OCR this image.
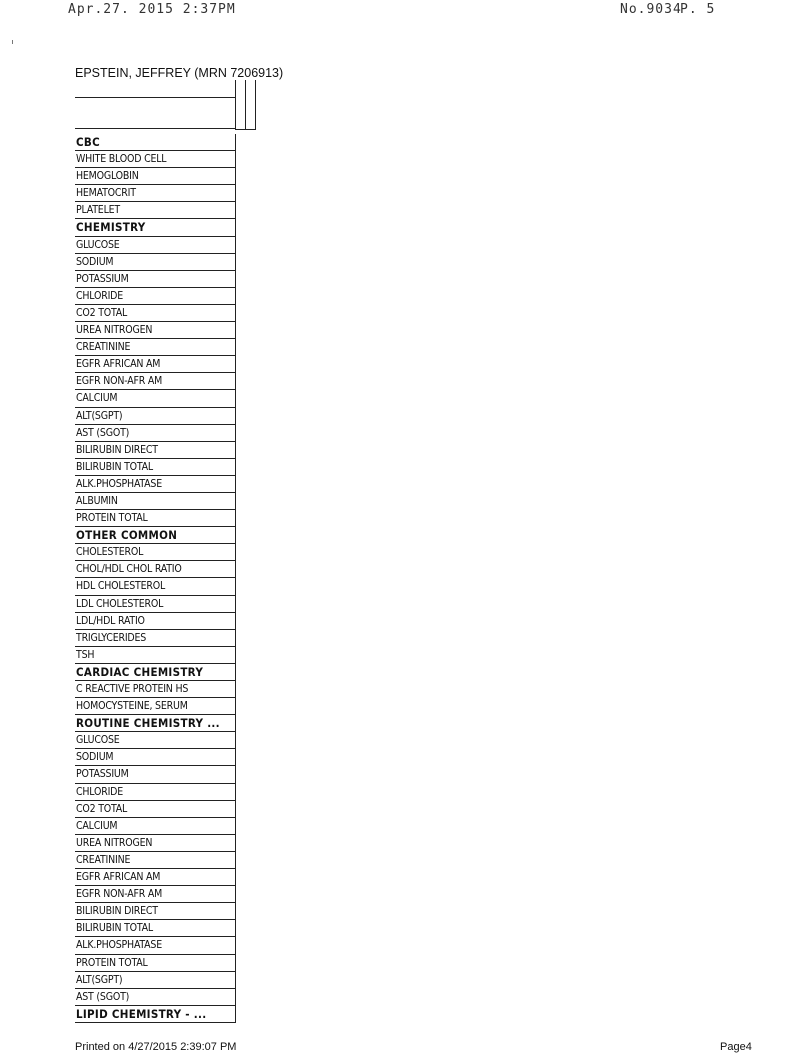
Apr.27. 2015 2:37PM	No.9034
P. 5
EPSTEIN, JEFFREY (MRN 7206913)
CBC
WHITE BLOOD CELL
HEMOGLOBIN
HEMATOCRIT
PLATELET
CHEMISTRY
GLUCOSE
SODIUM
POTASSIUM
CHLORIDE
CO2 TOTAL
UREA NITROGEN
CREATININE
EGFR AFRICAN AM
EGFR NON-AFR AM
CALCIUM
ALT(SGPT)
AST (SGOT)
BILIRUBIN DIRECT
BILIRUBIN TOTAL
ALK.PHOSPHATASE
ALBUMIN
PROTEIN TOTAL
OTHER COMMON
CHOLESTEROL
CHOL/HDL CHOL RATIO
HDL CHOLESTEROL
LDL CHOLESTEROL
LDL/HDL RATIO
TRIGLYCERIDES
TSH
CARDIAC CHEMISTRY
C REACTIVE PROTEIN HS
HOMOCYSTEINE, SERUM
ROUTINE CHEMISTRY ...
GLUCOSE
SODIUM
POTASSIUM
CHLORIDE
CO2 TOTAL
CALCIUM
UREA NITROGEN
CREATININE
EGFR AFRICAN AM
EGFR NON-AFR AM
BILIRUBIN DIRECT
BILIRUBIN TOTAL
ALK.PHOSPHATASE
PROTEIN TOTAL
ALT(SGPT)
AST (SGOT)
LIPID CHEMISTRY - ...
Printed on 4/27/2015 2:39:07 PM	Page4
